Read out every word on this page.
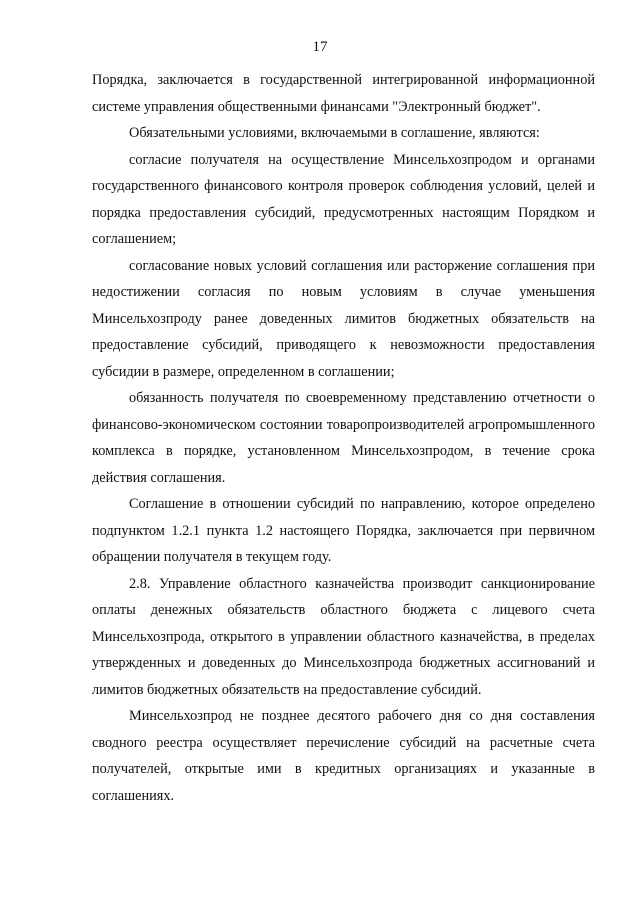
17

Порядка, заключается в государственной интегрированной информационной системе управления общественными финансами "Электронный бюджет".

Обязательными условиями, включаемыми в соглашение, являются:

согласие получателя на осуществление Минсельхозпродом и органами государственного финансового контроля проверок соблюдения условий, целей и порядка предоставления субсидий, предусмотренных настоящим Порядком и соглашением;

согласование новых условий соглашения или расторжение соглашения при недостижении согласия по новым условиям в случае уменьшения Минсельхозпроду ранее доведенных лимитов бюджетных обязательств на предоставление субсидий, приводящего к невозможности предоставления субсидии в размере, определенном в соглашении;

обязанность получателя по своевременному представлению отчетности о финансово-экономическом состоянии товаропроизводителей агропромышленного комплекса в порядке, установленном Минсельхозпродом, в течение срока действия соглашения.

Соглашение в отношении субсидий по направлению, которое определено подпунктом 1.2.1 пункта 1.2 настоящего Порядка, заключается при первичном обращении получателя в текущем году.

2.8. Управление областного казначейства производит санкционирование оплаты денежных обязательств областного бюджета с лицевого счета Минсельхозпрода, открытого в управлении областного казначейства, в пределах утвержденных и доведенных до Минсельхозпрода бюджетных ассигнований и лимитов бюджетных обязательств на предоставление субсидий.

Минсельхозпрод не позднее десятого рабочего дня со дня составления сводного реестра осуществляет перечисление субсидий на расчетные счета получателей, открытые ими в кредитных организациях и указанные в соглашениях.
